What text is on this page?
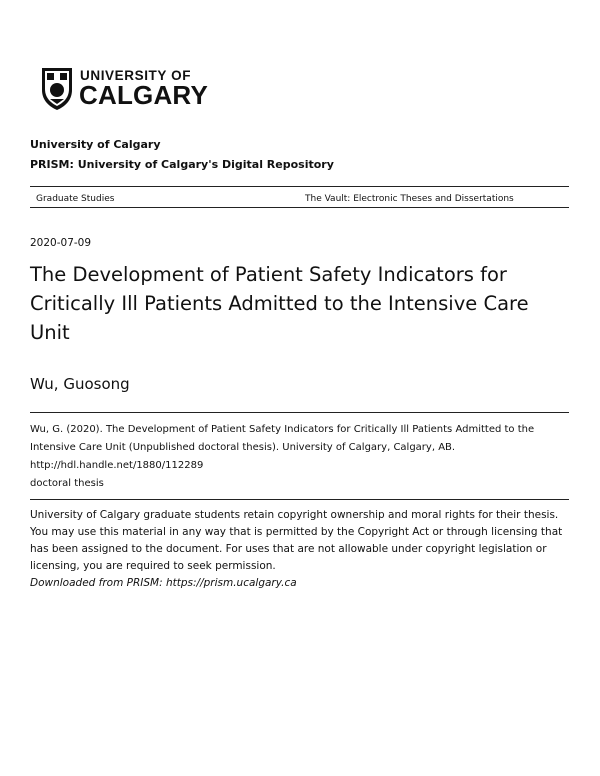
UNIVERSITY OF
CALGARY
University of Calgary
PRISM: University of Calgary's Digital Repository
Graduate Studies	The Vault: Electronic Theses and Dissertations
2020-07-09
The Development of Patient Safety Indicators for Critically Ill Patients Admitted to the Intensive Care Unit
Wu, Guosong

Wu, G. (2020). The Development of Patient Safety Indicators for Critically Ill Patients Admitted to the Intensive Care Unit (Unpublished doctoral thesis). University of Calgary, Calgary, AB.
http://hdl.handle.net/1880/112289
doctoral thesis

University of Calgary graduate students retain copyright ownership and moral rights for their thesis. You may use this material in any way that is permitted by the Copyright Act or through licensing that has been assigned to the document. For uses that are not allowable under copyright legislation or licensing, you are required to seek permission.
Downloaded from PRISM: https://prism.ucalgary.ca
